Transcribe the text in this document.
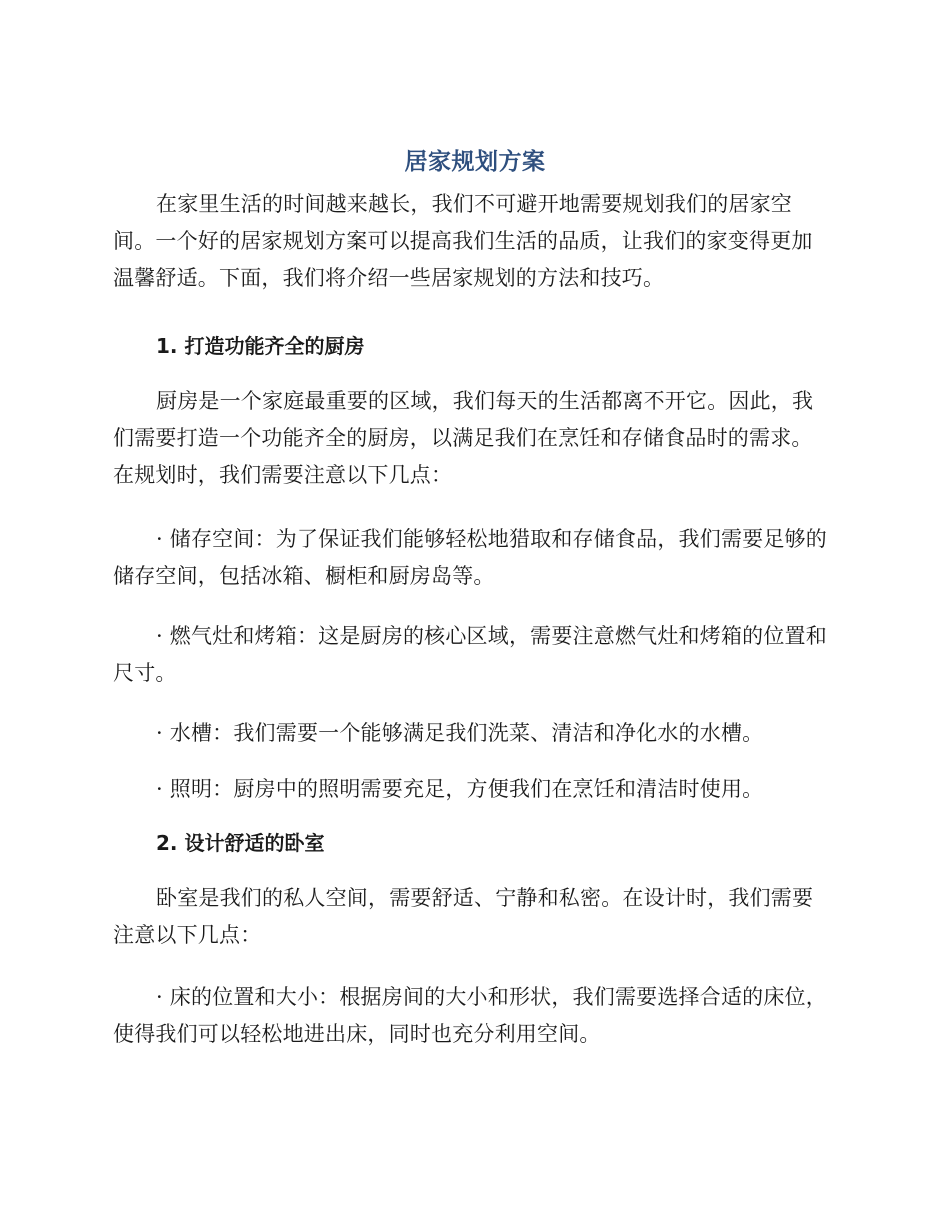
居家规划方案

在家里生活的时间越来越长，我们不可避开地需要规划我们的居家空间。一个好的居家规划方案可以提高我们生活的品质，让我们的家变得更加温馨舒适。下面，我们将介绍一些居家规划的方法和技巧。

1. 打造功能齐全的厨房

厨房是一个家庭最重要的区域，我们每天的生活都离不开它。因此，我们需要打造一个功能齐全的厨房，以满足我们在烹饪和存储食品时的需求。在规划时，我们需要注意以下几点：

· 储存空间：为了保证我们能够轻松地猎取和存储食品，我们需要足够的储存空间，包括冰箱、橱柜和厨房岛等。

· 燃气灶和烤箱：这是厨房的核心区域，需要注意燃气灶和烤箱的位置和尺寸。

· 水槽：我们需要一个能够满足我们洗菜、清洁和净化水的水槽。

· 照明：厨房中的照明需要充足，方便我们在烹饪和清洁时使用。

2. 设计舒适的卧室

卧室是我们的私人空间，需要舒适、宁静和私密。在设计时，我们需要注意以下几点：

· 床的位置和大小：根据房间的大小和形状，我们需要选择合适的床位，使得我们可以轻松地进出床，同时也充分利用空间。
